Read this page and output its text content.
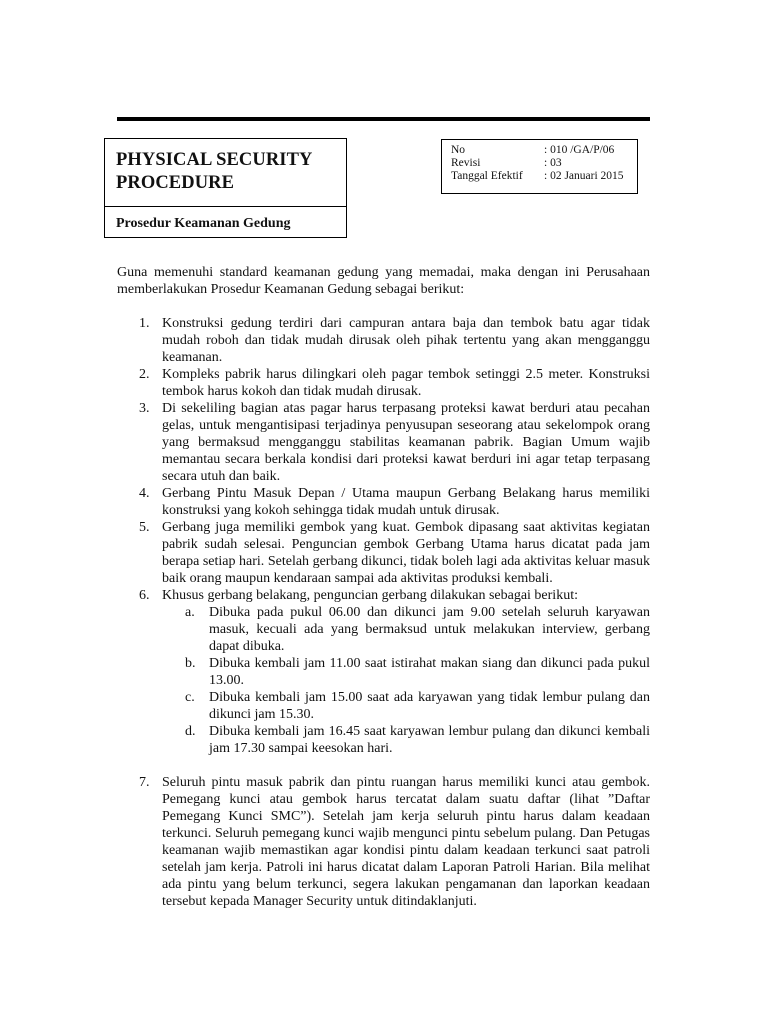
PHYSICAL SECURITY
PROCEDURE
Prosedur Keamanan Gedung
No	: 010 /GA/P/06
Revisi	: 03
Tanggal Efektif : 02 Januari 2015
Guna memenuhi standard keamanan gedung yang memadai, maka dengan ini Perusahaan memberlakukan Prosedur Keamanan Gedung sebagai berikut:
1. Konstruksi gedung terdiri dari campuran antara baja dan tembok batu agar tidak mudah roboh dan tidak mudah dirusak oleh pihak tertentu yang akan mengganggu keamanan.
2. Kompleks pabrik harus dilingkari oleh pagar tembok setinggi 2.5 meter. Konstruksi tembok harus kokoh dan tidak mudah dirusak.
3. Di sekeliling bagian atas pagar harus terpasang proteksi kawat berduri atau pecahan gelas, untuk mengantisipasi terjadinya penyusupan seseorang atau sekelompok orang yang bermaksud mengganggu stabilitas keamanan pabrik. Bagian Umum wajib memantau secara berkala kondisi dari proteksi kawat berduri ini agar tetap terpasang secara utuh dan baik.
4. Gerbang Pintu Masuk Depan / Utama maupun Gerbang Belakang harus memiliki konstruksi yang kokoh sehingga tidak mudah untuk dirusak.
5. Gerbang juga memiliki gembok yang kuat. Gembok dipasang saat aktivitas kegiatan pabrik sudah selesai. Penguncian gembok Gerbang Utama harus dicatat pada jam berapa setiap hari. Setelah gerbang dikunci, tidak boleh lagi ada aktivitas keluar masuk baik orang maupun kendaraan sampai ada aktivitas produksi kembali.
6. Khusus gerbang belakang, penguncian gerbang dilakukan sebagai berikut:
a. Dibuka pada pukul 06.00 dan dikunci jam 9.00 setelah seluruh karyawan masuk, kecuali ada yang bermaksud untuk melakukan interview, gerbang dapat dibuka.
b. Dibuka kembali jam 11.00 saat istirahat makan siang dan dikunci pada pukul 13.00.
c. Dibuka kembali jam 15.00 saat ada karyawan yang tidak lembur pulang dan dikunci jam 15.30.
d. Dibuka kembali jam 16.45 saat karyawan lembur pulang dan dikunci kembali jam 17.30 sampai keesokan hari.
7. Seluruh pintu masuk pabrik dan pintu ruangan harus memiliki kunci atau gembok. Pemegang kunci atau gembok harus tercatat dalam suatu daftar (lihat ”Daftar Pemegang Kunci SMC”). Setelah jam kerja seluruh pintu harus dalam keadaan terkunci. Seluruh pemegang kunci wajib mengunci pintu sebelum pulang. Dan Petugas keamanan wajib memastikan agar kondisi pintu dalam keadaan terkunci saat patroli setelah jam kerja. Patroli ini harus dicatat dalam Laporan Patroli Harian. Bila melihat ada pintu yang belum terkunci, segera lakukan pengamanan dan laporkan keadaan tersebut kepada Manager Security untuk ditindaklanjuti.
